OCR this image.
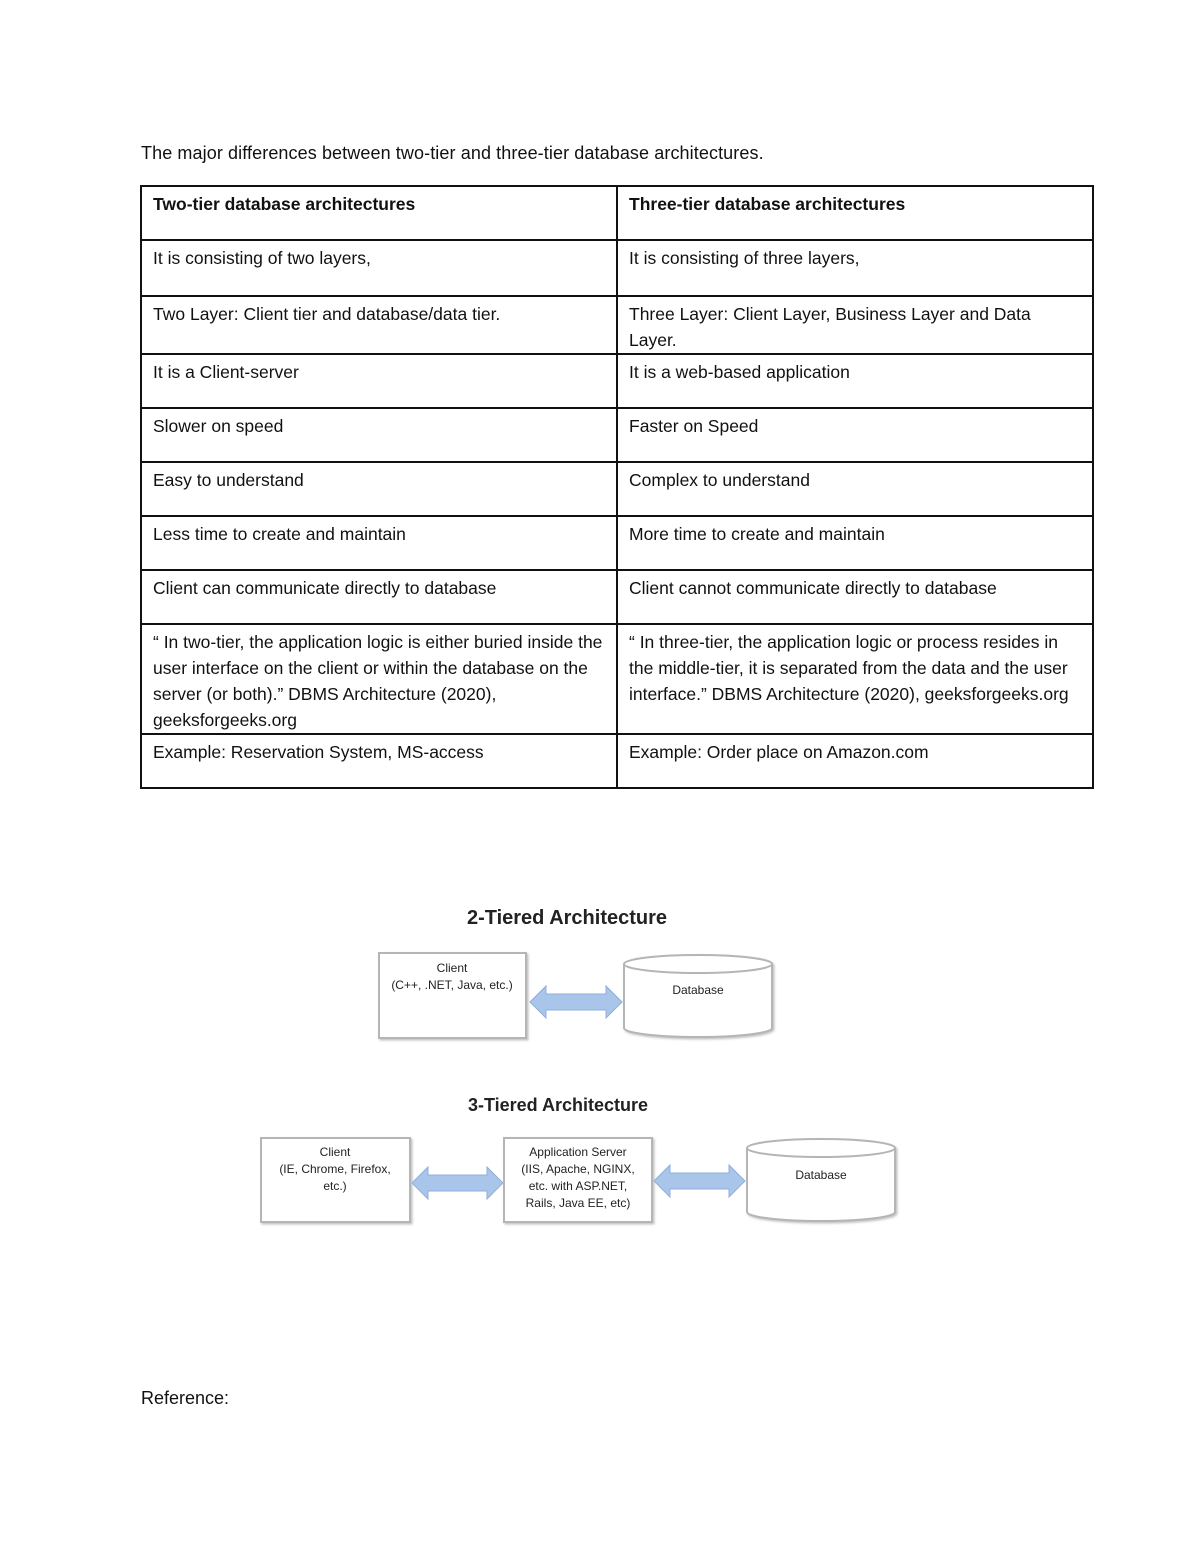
The major differences between two-tier and three-tier database architectures.
Two-tier database architectures	Three-tier database architectures
It is consisting of two layers,	It is consisting of three layers,
Two Layer: Client tier and database/data tier.	Three Layer: Client Layer, Business Layer and Data Layer.
It is a Client-server	It is a web-based application
Slower on speed	Faster on Speed
Easy to understand	Complex to understand
Less time to create and maintain	More time to create and maintain
Client can communicate directly to database	Client cannot communicate directly to database
“ In two-tier, the application logic is either buried inside the user interface on the client or within the database on the server (or both).” DBMS Architecture (2020), geeksforgeeks.org	“ In three-tier, the application logic or process resides in the middle-tier, it is separated from the data and the user interface.” DBMS Architecture (2020), geeksforgeeks.org
Example: Reservation System, MS-access	Example: Order place on Amazon.com
2-Tiered Architecture
Client
(C++, .NET, Java, etc.)	Database
3-Tiered Architecture
Client
(IE, Chrome, Firefox,
etc.)
Application Server
(IIS, Apache, NGINX,
etc. with ASP.NET,
Rails, Java EE, etc)
Database
Reference:
